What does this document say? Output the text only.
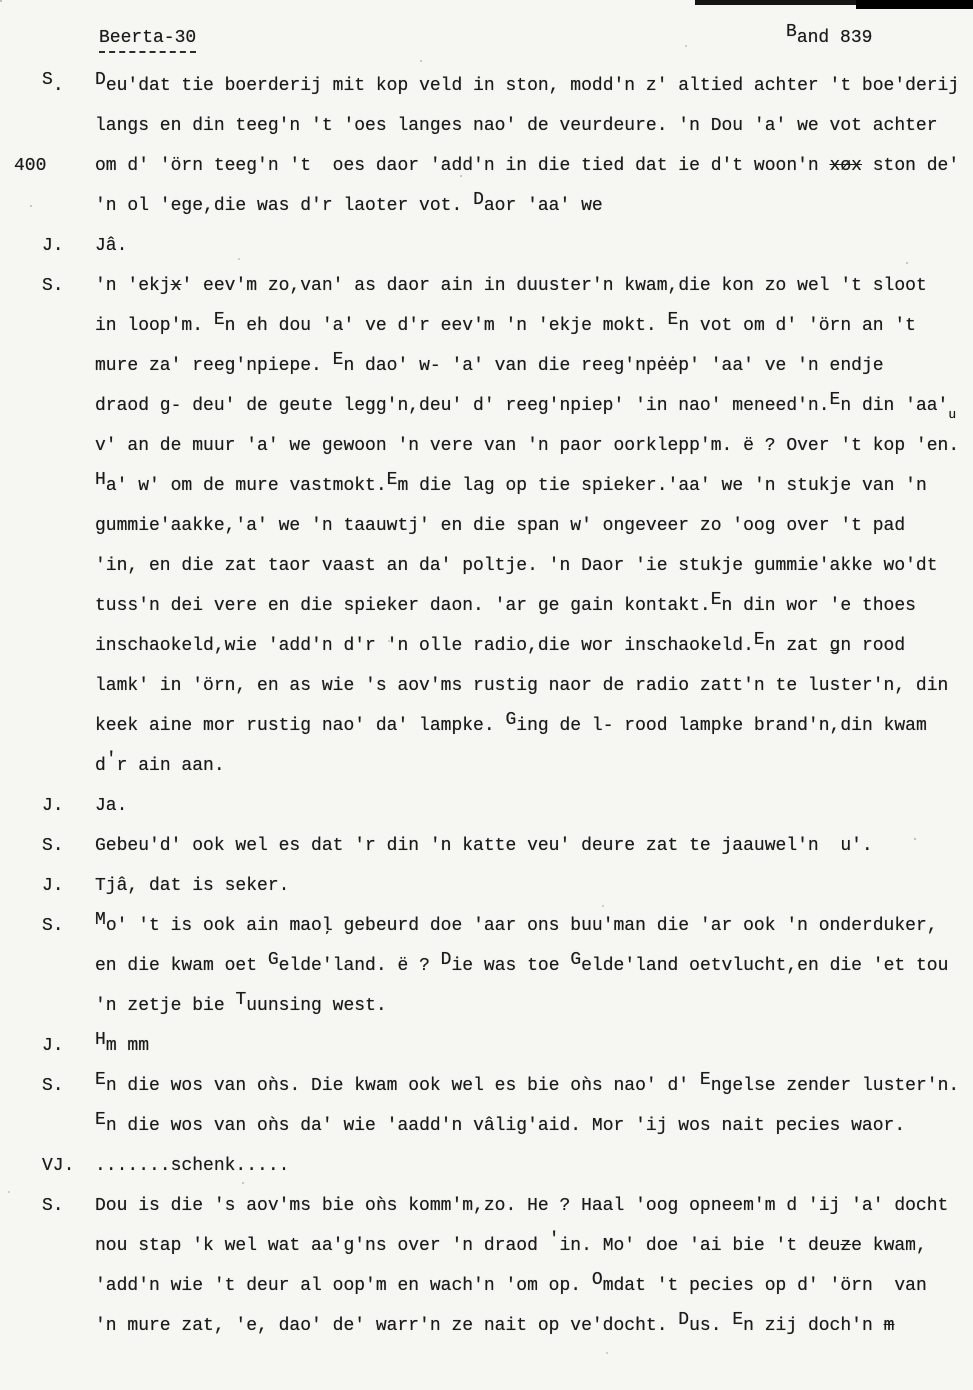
Beerta-30	Band 839
S. Deu'dat tie boerderij mit kop veld in ston, modd'n z' altied achter 't boe'derij
langs en din teeg'n 't 'oes langes nao' de veurdeure. 'n Dou 'a' we vot achter
400	om d' 'örn teeg'n 't  oes daor 'add'n in die tied dat ie d't woon'n xøx ston de'
'n ol 'ege,die was d'r laoter vot. Daor 'aa' we
J. Jâ.
S. 'n 'ekjx' eev'm zo,van' as daor ain in duuster'n kwam,die kon zo wel 't sloot
in loop'm. En eh dou 'a' ve d'r eev'm 'n 'ekje mokt. En vot om d' 'örn an 't
mure za' reeg'npiepe. En dao' w- 'a' van die reeg'npėėp' 'aa' ve 'n endje
draod g- deu' de geute legg'n,deu' d' reeg'npiep' 'in nao' meneed'n.En din '$aa'_u$
v' an de muur 'a' we gewoon 'n vere van 'n paor oorklepp'm. ë ? Over 't kop 'en.
Ha' w' om de mure vastmokt.Em die lag op tie spieker.'aa' we 'n stukje van 'n
gummie'aakke,'a' we 'n taauwtj' en die span w' ongeveer zo 'oog over 't pad
'in, en die zat taor vaast an da' poltje. 'n Daor 'ie stukje gummie'akke wo'dt
tuss'n dei vere en die spieker daon. 'ar ge gain kontakt.En din wor 'e thoes
inschaokeld,wie 'add'n d'r 'n olle radio,die wor inschaokeld.En zat ǥn rood
lamk' in 'örn, en as wie 's aov'ms rustig naor de radio zatt'n te luster'n, din
keek aine mor rustig nao' da' lampke. Ging de l- rood lampke brand'n,din kwam
d'r ain aan.
J. Ja.
S. Gebeu'd' ook wel es dat 'r din 'n katte veu' deure zat te jaauwel'n  u'.
J. Tjâ, dat is seker.
S. Mo' 't is ook ain maoļ gebeurd doe 'aar ons buu'man die 'ar ook 'n onderduker,
en die kwam oet Gelde'land. ë ? Die was toe Gelde'land oetvlucht,en die 'et tou
'n zetje bie Tuunsing west.
J. Hm mm
S. En die wos van oǹs. Die kwam ook wel es bie oǹs nao' d' Engelse zender luster'n.
En die wos van oǹs da' wie 'aadd'n vâlig'aid. Mor 'ij wos nait pecies waor.
VJ. .......schenk.....
S. Dou is die 's aov'ms bie oǹs komm'm,zo. He ? Haal 'oog opneem'm d 'ij 'a' docht
nou stap 'k wel wat aa'g'ns over 'n draod 'in. Mo' doe 'ai bie 't deuze kwam,
'add'n wie 't deur al oop'm en wach'n 'om op. Omdat 't pecies op d' 'örn  van
'n mure zat, 'e, dao' de' warr'n ze nait op ve'docht. Dus. En zij doch'n m
